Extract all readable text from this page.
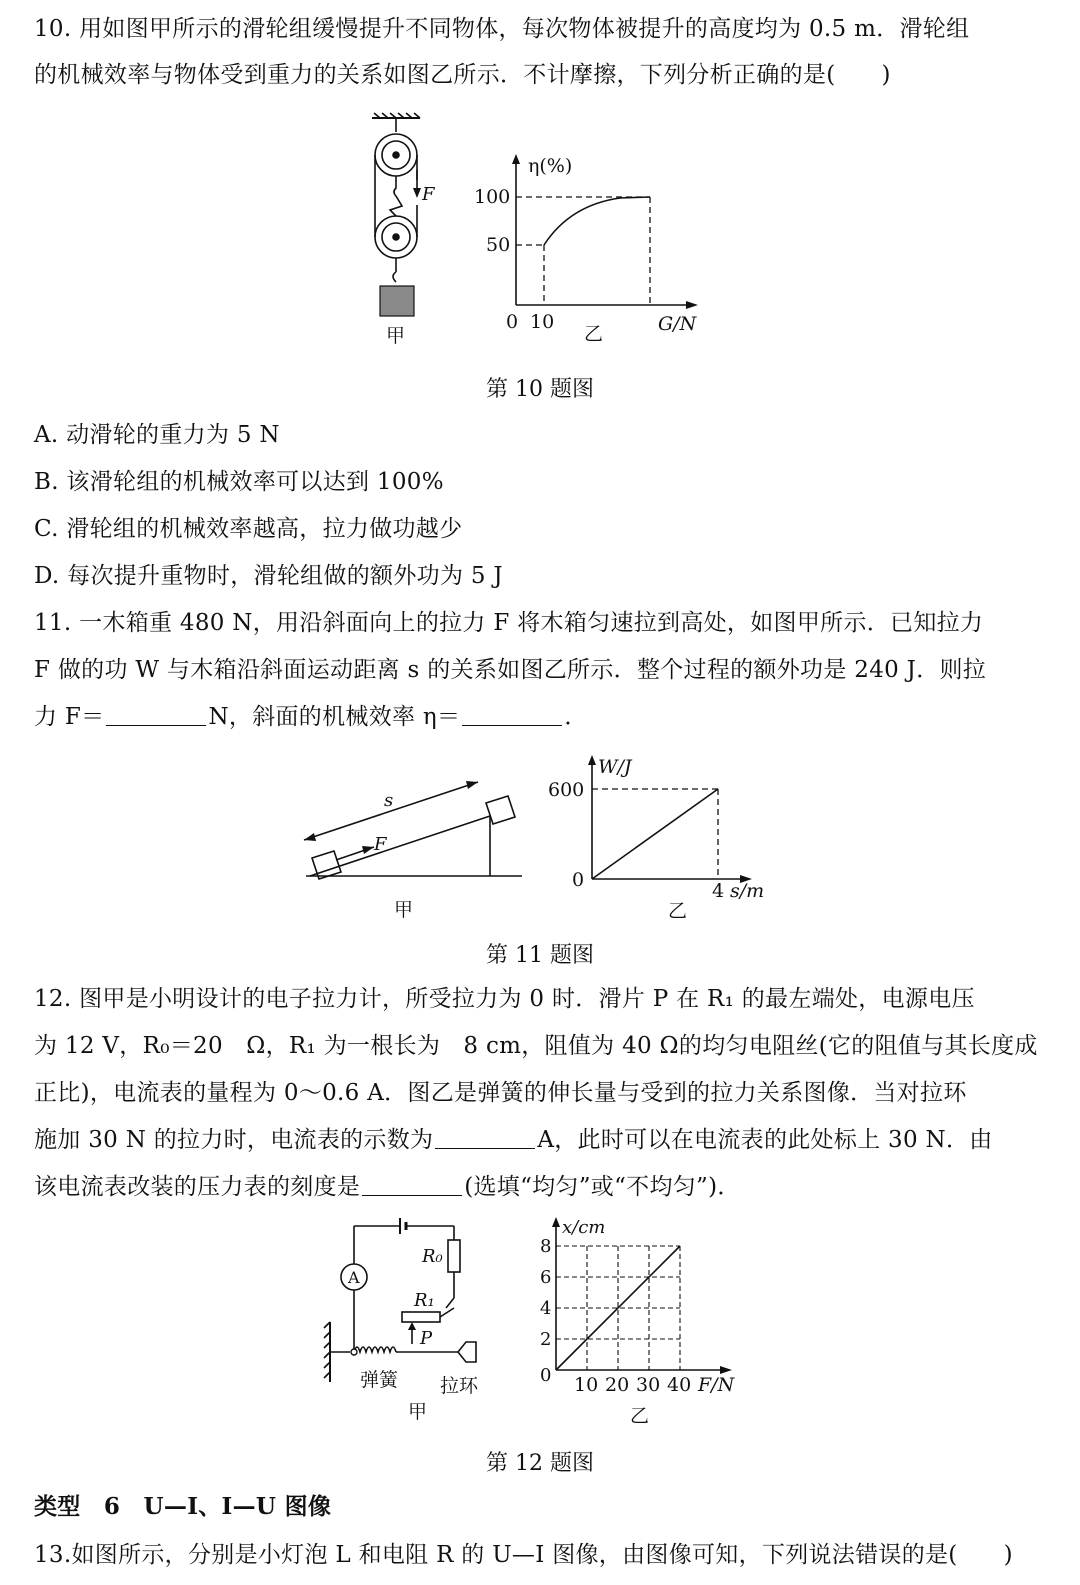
10. 用如图甲所示的滑轮组缓慢提升不同物体，每次物体被提升的高度均为 0.5 m．滑轮组
的机械效率与物体受到重力的关系如图乙所示．不计摩擦，下列分析正确的是( )
F
甲
η(%)
100
50
0 10	G/N
乙
第 10 题图
A. 动滑轮的重力为 5 N
B. 该滑轮组的机械效率可以达到 100%
C. 滑轮组的机械效率越高，拉力做功越少
D. 每次提升重物时，滑轮组做的额外功为 5 J
11. 一木箱重 480 N，用沿斜面向上的拉力 F 将木箱匀速拉到高处，如图甲所示．已知拉力
F 做的功 W 与木箱沿斜面运动距离 s 的关系如图乙所示．整个过程的额外功是 240 J．则拉
力 F＝	N，斜面的机械效率 η＝	．
s
F
甲
W/J
600
0	4 s/m
乙
第 11 题图
12. 图甲是小明设计的电子拉力计，所受拉力为 0 时．滑片 P 在 R₁ 的最左端处，电源电压
为 12 V，R₀＝20　Ω，R₁ 为一根长为　8 cm，阻值为 40 Ω的均匀电阻丝(它的阻值与其长度成
正比)，电流表的量程为 0～0.6 A．图乙是弹簧的伸长量与受到的拉力关系图像．当对拉环
施加 30 N 的拉力时，电流表的示数为	A，此时可以在电流表的此处标上 30 N．由
该电流表改装的压力表的刻度是	(选填“均匀”或“不均匀”)．
A
R₀
R₁
P
弹簧 拉环
甲
x/cm
8
6
4
2
0 10 20 30 40 F/N
乙
第 12 题图
类型　6　 U—I、I—U 图像
13.如图所示，分别是小灯泡 L 和电阻 R 的 U—I 图像，由图像可知，下列说法错误的是( )
